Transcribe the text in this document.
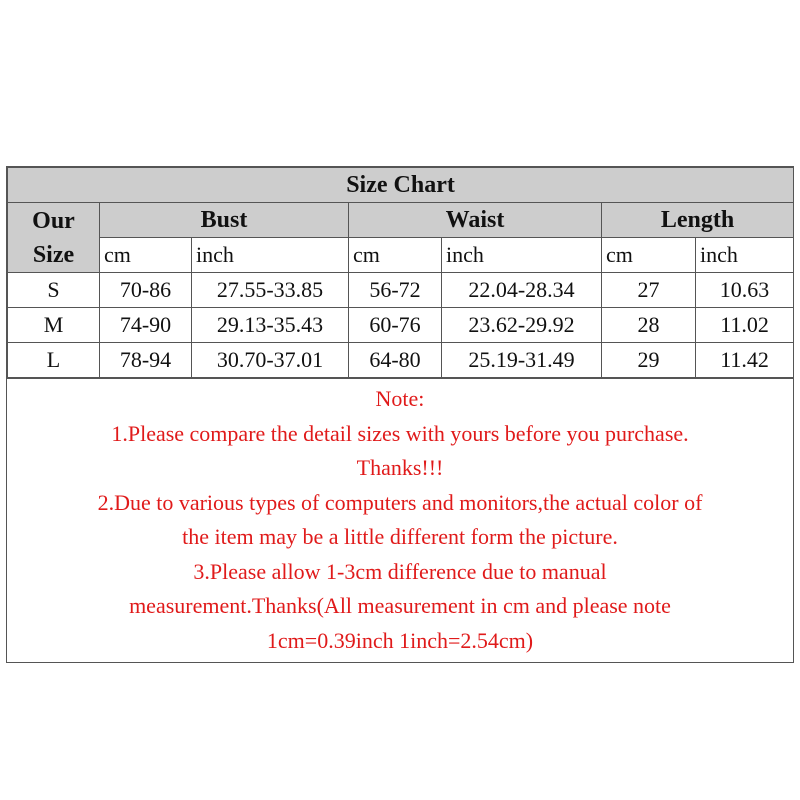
Size Chart						

Our
Size	Bust		Waist		Length	
	cm	inch	cm	inch	cm	inch
S	70-86	27.55-33.85	56-72	22.04-28.34	27	10.63
M	74-90	29.13-35.43	60-76	23.62-29.92	28	11.02
L	78-94	30.70-37.01	64-80	25.19-31.49	29	11.42
Note:
1.Please compare the detail sizes with yours before you purchase.
Thanks!!!
2.Due to various types of computers and monitors,the actual color of
the item may be a little different form the picture.
3.Please allow 1-3cm difference due to manual
measurement.Thanks(All measurement in cm and please note
1cm=0.39inch 1inch=2.54cm)
